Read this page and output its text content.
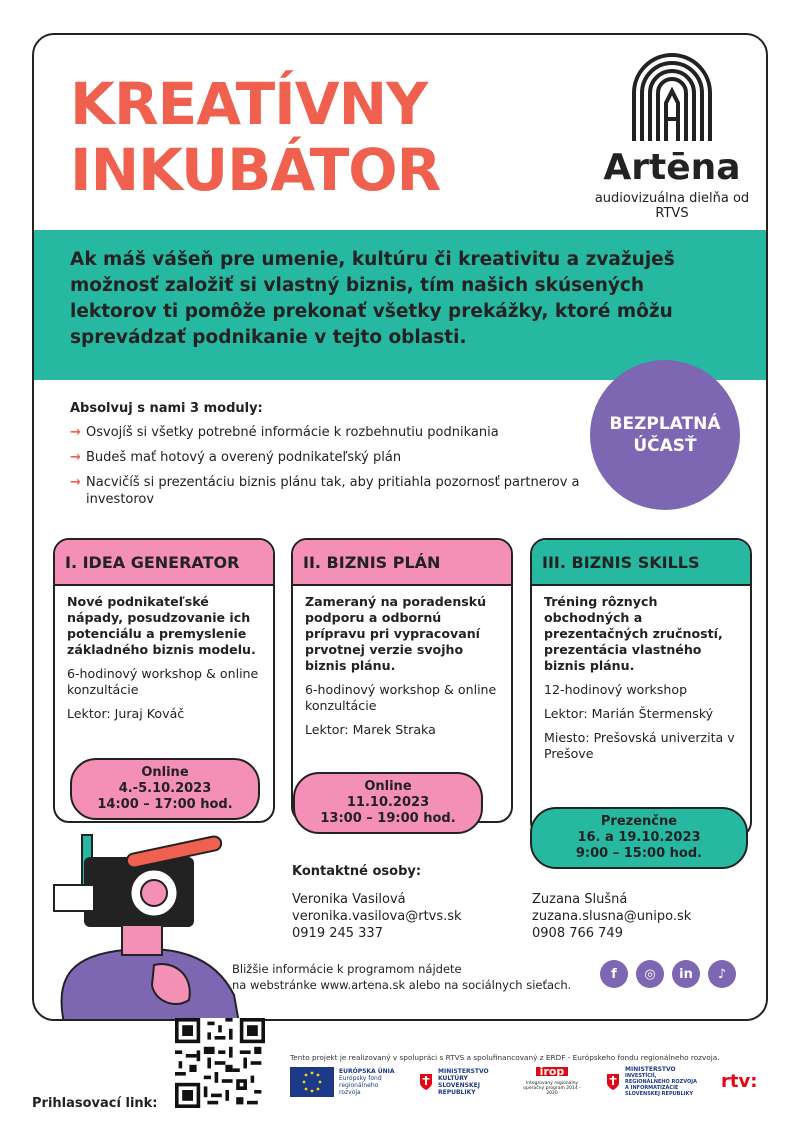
KREATÍVNY
INKUBÁTOR	Artēna
audiovizuálna dielňa od RTVS
Ak máš vášeň pre umenie, kultúru či kreativitu a zvažuješ možnosť založiť si vlastný biznis, tím našich skúsených lektorov ti pomôže prekonať všetky prekážky, ktoré môžu sprevádzať podnikanie v tejto oblasti.
BEZPLATNÁ
ÚČASŤ
Absolvuj s nami 3 moduly:
→ Osvojíš si všetky potrebné informácie k rozbehnutiu podnikania
→ Budeš mať hotový a overený podnikateľský plán
→ Nacvičíš si prezentáciu biznis plánu tak, aby pritiahla pozornosť partnerov a investorov
I. IDEA GENERATOR
Nové podnikateľské nápady, posudzovanie ich potenciálu a premyslenie základného biznis modelu.
6-hodinový workshop & online konzultácie
Lektor: Juraj Kováč
Online
4.-5.10.2023
14:00 – 17:00 hod.
II. BIZNIS PLÁN
Zameraný na poradenskú podporu a odbornú prípravu pri vypracovaní prvotnej verzie svojho biznis plánu.
6-hodinový workshop & online konzultácie
Lektor: Marek Straka
Online
11.10.2023
13:00 – 19:00 hod.
III. BIZNIS SKILLS
Tréning rôznych obchodných a prezentačných zručností, prezentácia vlastného biznis plánu.
12-hodinový workshop
Lektor: Marián Štermenský
Miesto: Prešovská univerzita v Prešove
Prezenčne
16. a 19.10.2023
9:00 – 15:00 hod.
Kontaktné osoby:
Veronika Vasilová
veronika.vasilova@rtvs.sk
0919 245 337
Zuzana Slušná
zuzana.slusna@unipo.sk
0908 766 749
Bližšie informácie k programom nájdete
na webstránke www.artena.sk alebo na sociálnych sieťach.
f	◎	in	♪
Prihlasovací link:
Tento projekt je realizovaný v spolupráci s RTVS a spolufinancovaný z ERDF - Európskeho fondu regionálneho rozvoja.
EURÓPSKA ÚNIA
Európsky fond regionálneho rozvoja
MINISTERSTVO
KULTÚRY SLOVENSKEJ REPUBLIKY
irop
Integrovaný regionálny operačný program 2014 - 2020
MINISTERSTVO
INVESTÍCIÍ, REGIONÁLNEHO ROZVOJA A INFORMATIZÁCIE SLOVENSKEJ REPUBLIKY
rtv:
